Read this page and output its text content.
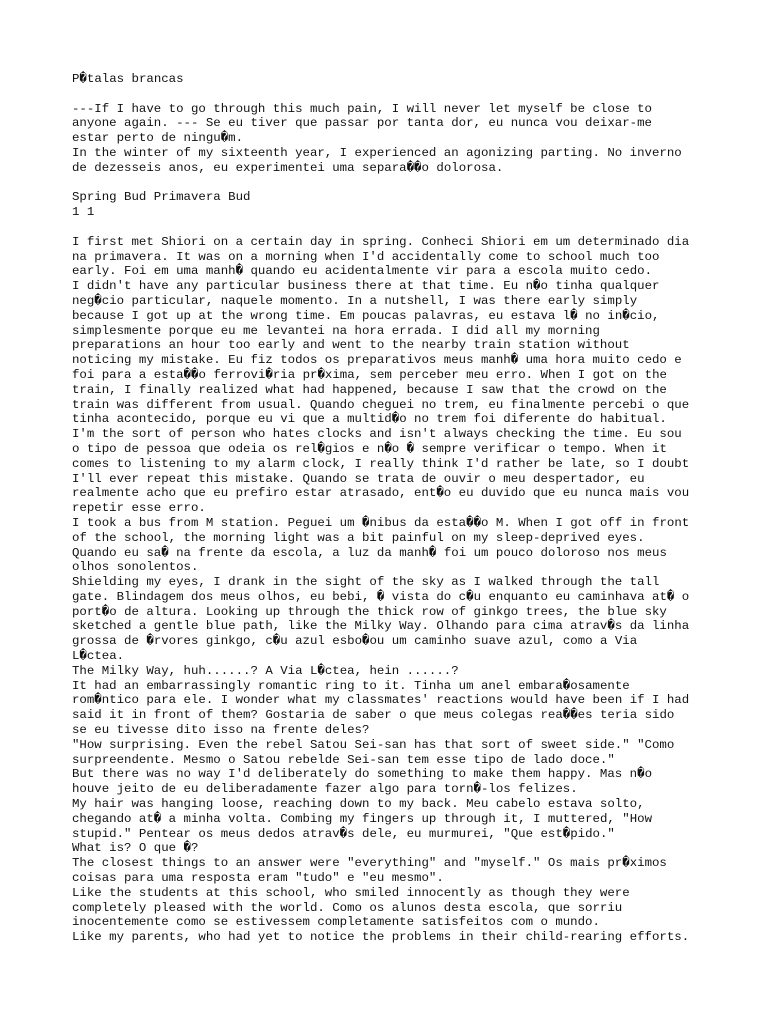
P�talas brancas
---If I have to go through this much pain, I will never let myself be close to
anyone again. --- Se eu tiver que passar por tanta dor, eu nunca vou deixar-me
estar perto de ningu�m.
In the winter of my sixteenth year, I experienced an agonizing parting. No inverno
de dezesseis anos, eu experimentei uma separa��o dolorosa.
Spring Bud Primavera Bud
1 1
I first met Shiori on a certain day in spring. Conheci Shiori em um determinado dia
na primavera. It was on a morning when I'd accidentally come to school much too
early. Foi em uma manh� quando eu acidentalmente vir para a escola muito cedo.
I didn't have any particular business there at that time. Eu n�o tinha qualquer
neg�cio particular, naquele momento. In a nutshell, I was there early simply
because I got up at the wrong time. Em poucas palavras, eu estava l� no in�cio,
simplesmente porque eu me levantei na hora errada. I did all my morning
preparations an hour too early and went to the nearby train station without
noticing my mistake. Eu fiz todos os preparativos meus manh� uma hora muito cedo e
foi para a esta��o ferrovi�ria pr�xima, sem perceber meu erro. When I got on the
train, I finally realized what had happened, because I saw that the crowd on the
train was different from usual. Quando cheguei no trem, eu finalmente percebi o que
tinha acontecido, porque eu vi que a multid�o no trem foi diferente do habitual.
I'm the sort of person who hates clocks and isn't always checking the time. Eu sou
o tipo de pessoa que odeia os rel�gios e n�o � sempre verificar o tempo. When it
comes to listening to my alarm clock, I really think I'd rather be late, so I doubt
I'll ever repeat this mistake. Quando se trata de ouvir o meu despertador, eu
realmente acho que eu prefiro estar atrasado, ent�o eu duvido que eu nunca mais vou
repetir esse erro.
I took a bus from M station. Peguei um �nibus da esta��o M. When I got off in front
of the school, the morning light was a bit painful on my sleep-deprived eyes.
Quando eu sa� na frente da escola, a luz da manh� foi um pouco doloroso nos meus
olhos sonolentos.
Shielding my eyes, I drank in the sight of the sky as I walked through the tall
gate. Blindagem dos meus olhos, eu bebi, � vista do c�u enquanto eu caminhava at� o
port�o de altura. Looking up through the thick row of ginkgo trees, the blue sky
sketched a gentle blue path, like the Milky Way. Olhando para cima atrav�s da linha
grossa de �rvores ginkgo, c�u azul esbo�ou um caminho suave azul, como a Via
L�ctea.
The Milky Way, huh......? A Via L�ctea, hein ......?
It had an embarrassingly romantic ring to it. Tinha um anel embara�osamente
rom�ntico para ele. I wonder what my classmates' reactions would have been if I had
said it in front of them? Gostaria de saber o que meus colegas rea��es teria sido
se eu tivesse dito isso na frente deles?
"How surprising. Even the rebel Satou Sei-san has that sort of sweet side." "Como
surpreendente. Mesmo o Satou rebelde Sei-san tem esse tipo de lado doce."
But there was no way I'd deliberately do something to make them happy. Mas n�o
houve jeito de eu deliberadamente fazer algo para torn�-los felizes.
My hair was hanging loose, reaching down to my back. Meu cabelo estava solto,
chegando at� a minha volta. Combing my fingers up through it, I muttered, "How
stupid." Pentear os meus dedos atrav�s dele, eu murmurei, "Que est�pido."
What is? O que �?
The closest things to an answer were "everything" and "myself." Os mais pr�ximos
coisas para uma resposta eram "tudo" e "eu mesmo".
Like the students at this school, who smiled innocently as though they were
completely pleased with the world. Como os alunos desta escola, que sorriu
inocentemente como se estivessem completamente satisfeitos com o mundo.
Like my parents, who had yet to notice the problems in their child-rearing efforts.
